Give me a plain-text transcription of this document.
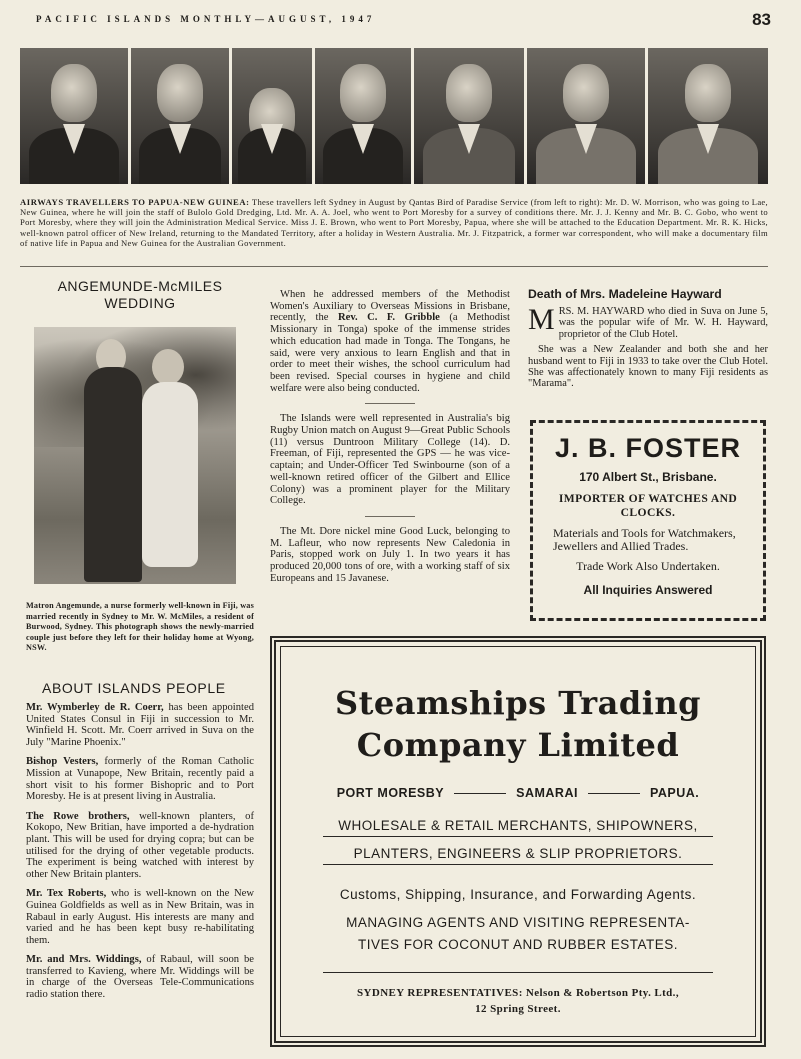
PACIFIC ISLANDS MONTHLY—AUGUST, 1947	83
AIRWAYS TRAVELLERS TO PAPUA-NEW GUINEA: These travellers left Sydney in August by Qantas Bird of Paradise Service (from left to right): Mr. D. W. Morrison, who was going to Lae, New Guinea, where he will join the staff of Bulolo Gold Dredging, Ltd. Mr. A. A. Joel, who went to Port Moresby for a survey of conditions there. Mr. J. J. Kenny and Mr. B. C. Gobo, who went to Port Moresby, where they will join the Administration Medical Service. Miss J. E. Brown, who went to Port Moresby, Papua, where she will be attached to the Education Department. Mr. R. K. Hicks, well-known patrol officer of New Ireland, returning to the Mandated Territory, after a holiday in Western Australia. Mr. J. Fitzpatrick, a former war correspondent, who will make a documentary film of native life in Papua and New Guinea for the Australian Government.
ANGEMUNDE-McMILES
WEDDING
Matron Angemunde, a nurse formerly well-known in Fiji, was married recently in Sydney to Mr. W. McMiles, a resident of Burwood, Sydney. This photograph shows the newly-married couple just before they left for their holiday home at Wyong, NSW.
ABOUT ISLANDS PEOPLE

Mr. Wymberley de R. Coerr, has been appointed United States Consul in Fiji in succession to Mr. Winfield H. Scott. Mr. Coerr arrived in Suva on the July "Marine Phoenix."

Bishop Vesters, formerly of the Roman Catholic Mission at Vunapope, New Britain, recently paid a short visit to his former Bishopric and to Port Moresby. He is at present living in Australia.

The Rowe brothers, well-known planters, of Kokopo, New Britian, have imported a de-hydration plant. This will be used for drying copra; but can be utilised for the drying of other vegetable products. The experiment is being watched with interest by other New Britain planters.

Mr. Tex Roberts, who is well-known on the New Guinea Goldfields as well as in New Britain, was in Rabaul in early August. His interests are many and varied and he has been kept busy re-habilitating them.

Mr. and Mrs. Widdings, of Rabaul, will soon be transferred to Kavieng, where Mr. Widdings will be in charge of the Overseas Tele-Communications radio station there.

When he addressed members of the Methodist Women's Auxiliary to Overseas Missions in Brisbane, recently, the Rev. C. F. Gribble (a Methodist Missionary in Tonga) spoke of the immense strides which education had made in Tonga. The Tongans, he said, were very anxious to learn English and that in order to meet their wishes, the school curriculum had been revised. Special courses in hygiene and child welfare were also being conducted.

The Islands were well represented in Australia's big Rugby Union match on August 9—Great Public Schools (11) versus Duntroon Military College (14). D. Freeman, of Fiji, represented the GPS — he was vice-captain; and Under-Officer Ted Swinbourne (son of a well-known retired officer of the Gilbert and Ellice Colony) was a prominent player for the Military College.

The Mt. Dore nickel mine Good Luck, belonging to M. Lafleur, who now represents New Caledonia in Paris, stopped work on July 1. In two years it has produced 20,000 tons of ore, with a working staff of six Europeans and 15 Javanese.

Death of Mrs. Madeleine Hayward

MRS. M. HAYWARD who died in Suva on June 5, was the popular wife of Mr. W. H. Hayward, proprietor of the Club Hotel.

She was a New Zealander and both she and her husband went to Fiji in 1933 to take over the Club Hotel. She was affectionately known to many Fiji residents as "Marama".

J. B. FOSTER
170 Albert St., Brisbane.
IMPORTER OF WATCHES AND CLOCKS.
Materials and Tools for Watchmakers, Jewellers and Allied Trades.
Trade Work Also Undertaken.
All Inquiries Answered
Steamships Trading
Company Limited
PORT MORESBY	SAMARAI	PAPUA.
WHOLESALE & RETAIL MERCHANTS, SHIPOWNERS,
PLANTERS, ENGINEERS & SLIP PROPRIETORS.
Customs, Shipping, Insurance, and Forwarding Agents.
MANAGING AGENTS AND VISITING REPRESENTA-
TIVES FOR COCONUT AND RUBBER ESTATES.
SYDNEY REPRESENTATIVES: Nelson & Robertson Pty. Ltd.,
12 Spring Street.
